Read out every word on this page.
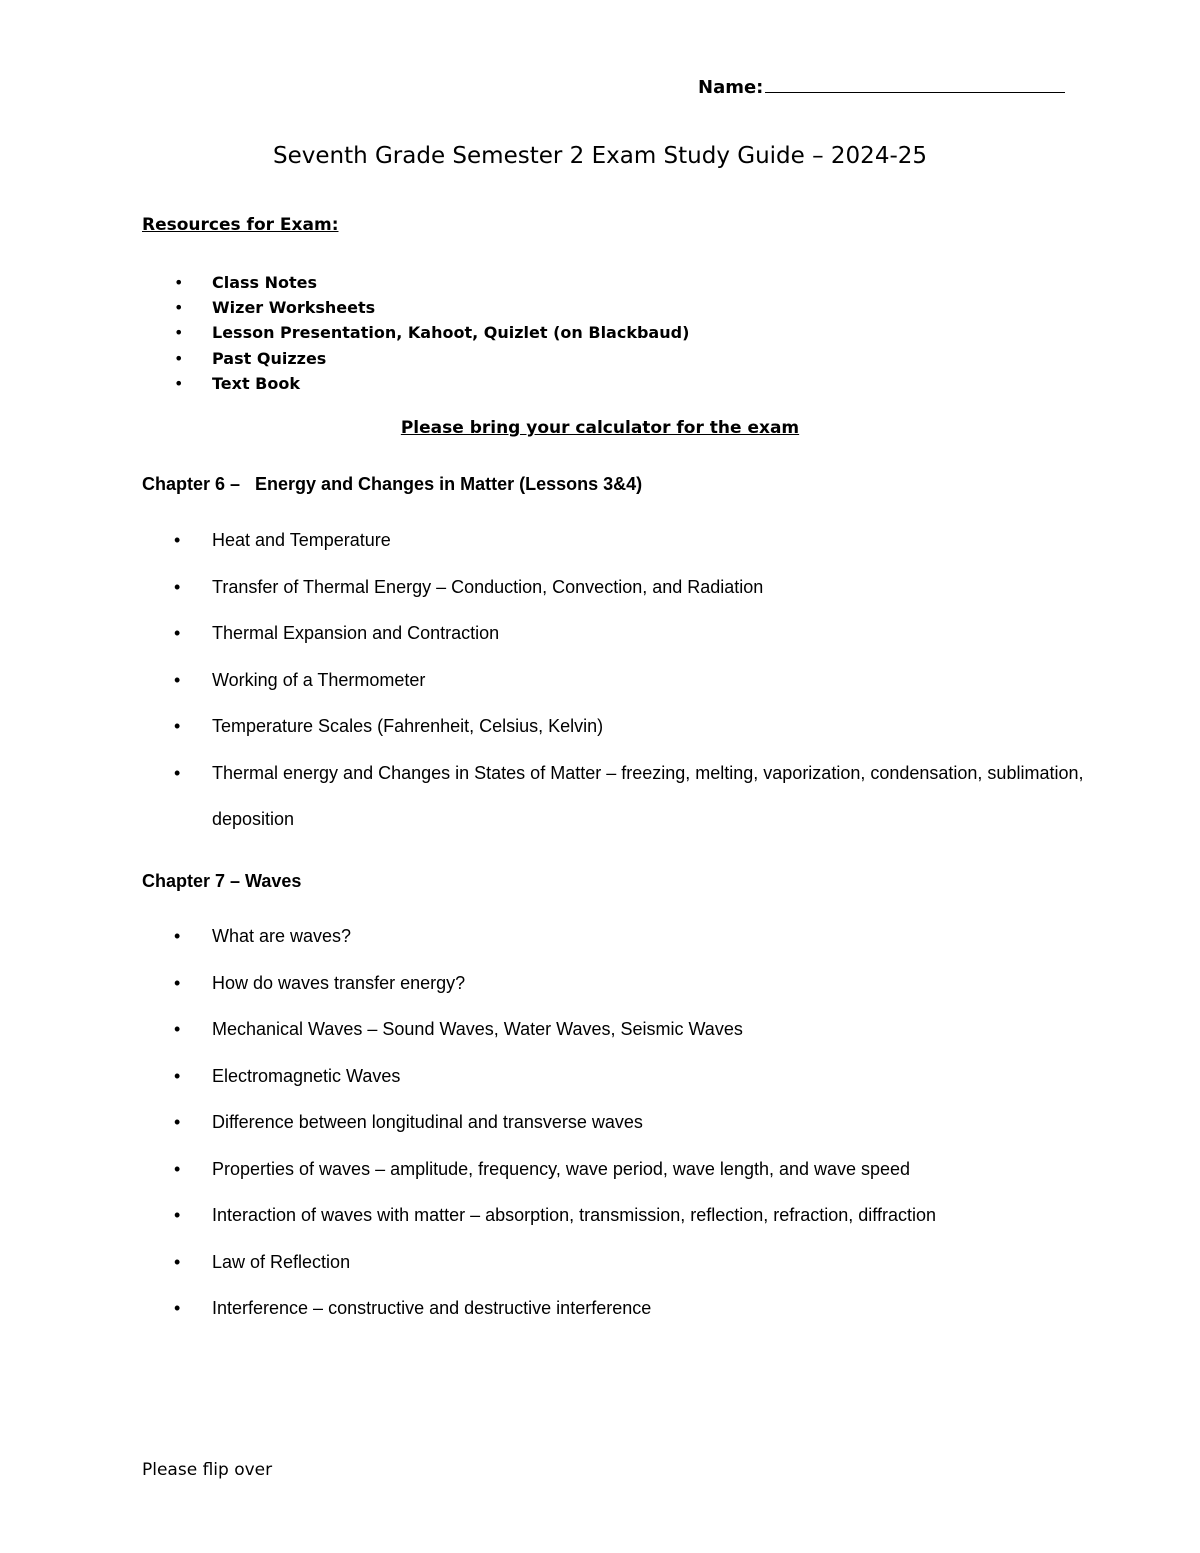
Name:
Seventh Grade Semester 2 Exam Study Guide – 2024-25
Resources for Exam:
• Class Notes
• Wizer Worksheets
• Lesson Presentation, Kahoot, Quizlet (on Blackbaud)
• Past Quizzes
• Text Book
Please bring your calculator for the exam
Chapter 6 –   Energy and Changes in Matter (Lessons 3&4)
• Heat and Temperature
• Transfer of Thermal Energy – Conduction, Convection, and Radiation
• Thermal Expansion and Contraction
• Working of a Thermometer
• Temperature Scales (Fahrenheit, Celsius, Kelvin)
• Thermal energy and Changes in States of Matter – freezing, melting, vaporization, condensation, sublimation, deposition
Chapter 7 – Waves
• What are waves?
• How do waves transfer energy?
• Mechanical Waves – Sound Waves, Water Waves, Seismic Waves
• Electromagnetic Waves
• Difference between longitudinal and transverse waves
• Properties of waves – amplitude, frequency, wave period, wave length, and wave speed
• Interaction of waves with matter – absorption, transmission, reflection, refraction, diffraction
• Law of Reflection
• Interference – constructive and destructive interference
Please flip over
